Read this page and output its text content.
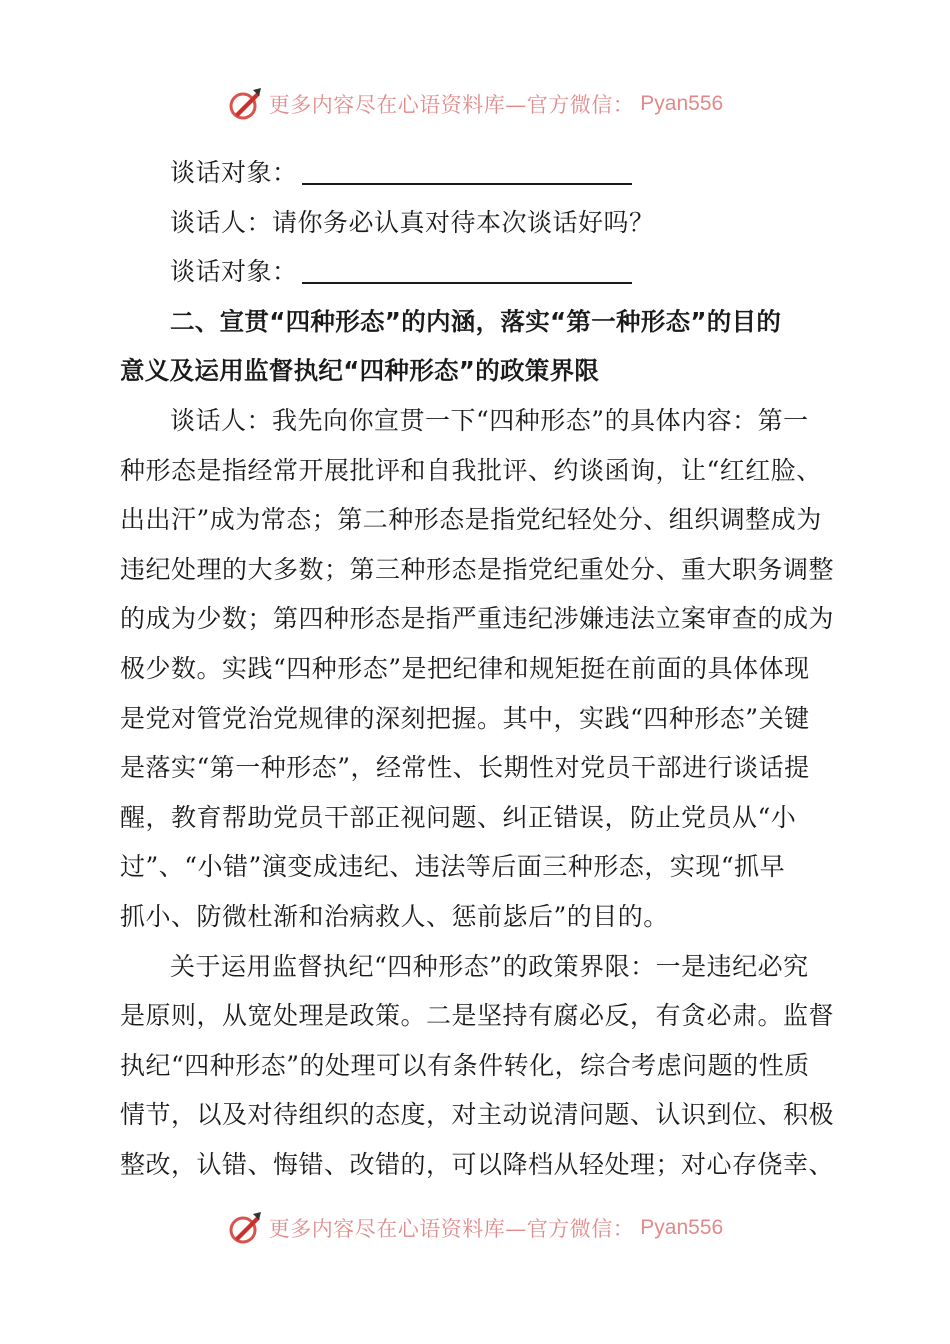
更多内容尽在心语资料库—官方微信： Pyan556
谈话对象：
谈话人：请你务必认真对待本次谈话好吗？
谈话对象：
二、宣贯“四种形态”的内涵，落实“第一种形态”的目的
意义及运用监督执纪“四种形态”的政策界限
谈话人：我先向你宣贯一下“四种形态”的具体内容：第一
种形态是指经常开展批评和自我批评、约谈函询，让“红红脸、
出出汗”成为常态；第二种形态是指党纪轻处分、组织调整成为
违纪处理的大多数；第三种形态是指党纪重处分、重大职务调整
的成为少数；第四种形态是指严重违纪涉嫌违法立案审查的成为
极少数。实践“四种形态”是把纪律和规矩挺在前面的具体体现
是党对管党治党规律的深刻把握。其中，实践“四种形态”关键
是落实“第一种形态”，经常性、长期性对党员干部进行谈话提
醒，教育帮助党员干部正视问题、纠正错误，防止党员从“小
过”、“小错”演变成违纪、违法等后面三种形态，实现“抓早
抓小、防微杜渐和治病救人、惩前毖后”的目的。
关于运用监督执纪“四种形态”的政策界限：一是违纪必究
是原则，从宽处理是政策。二是坚持有腐必反，有贪必肃。监督
执纪“四种形态”的处理可以有条件转化，综合考虑问题的性质
情节，以及对待组织的态度，对主动说清问题、认识到位、积极
整改，认错、悔错、改错的，可以降档从轻处理；对心存侥幸、
更多内容尽在心语资料库—官方微信： Pyan556
